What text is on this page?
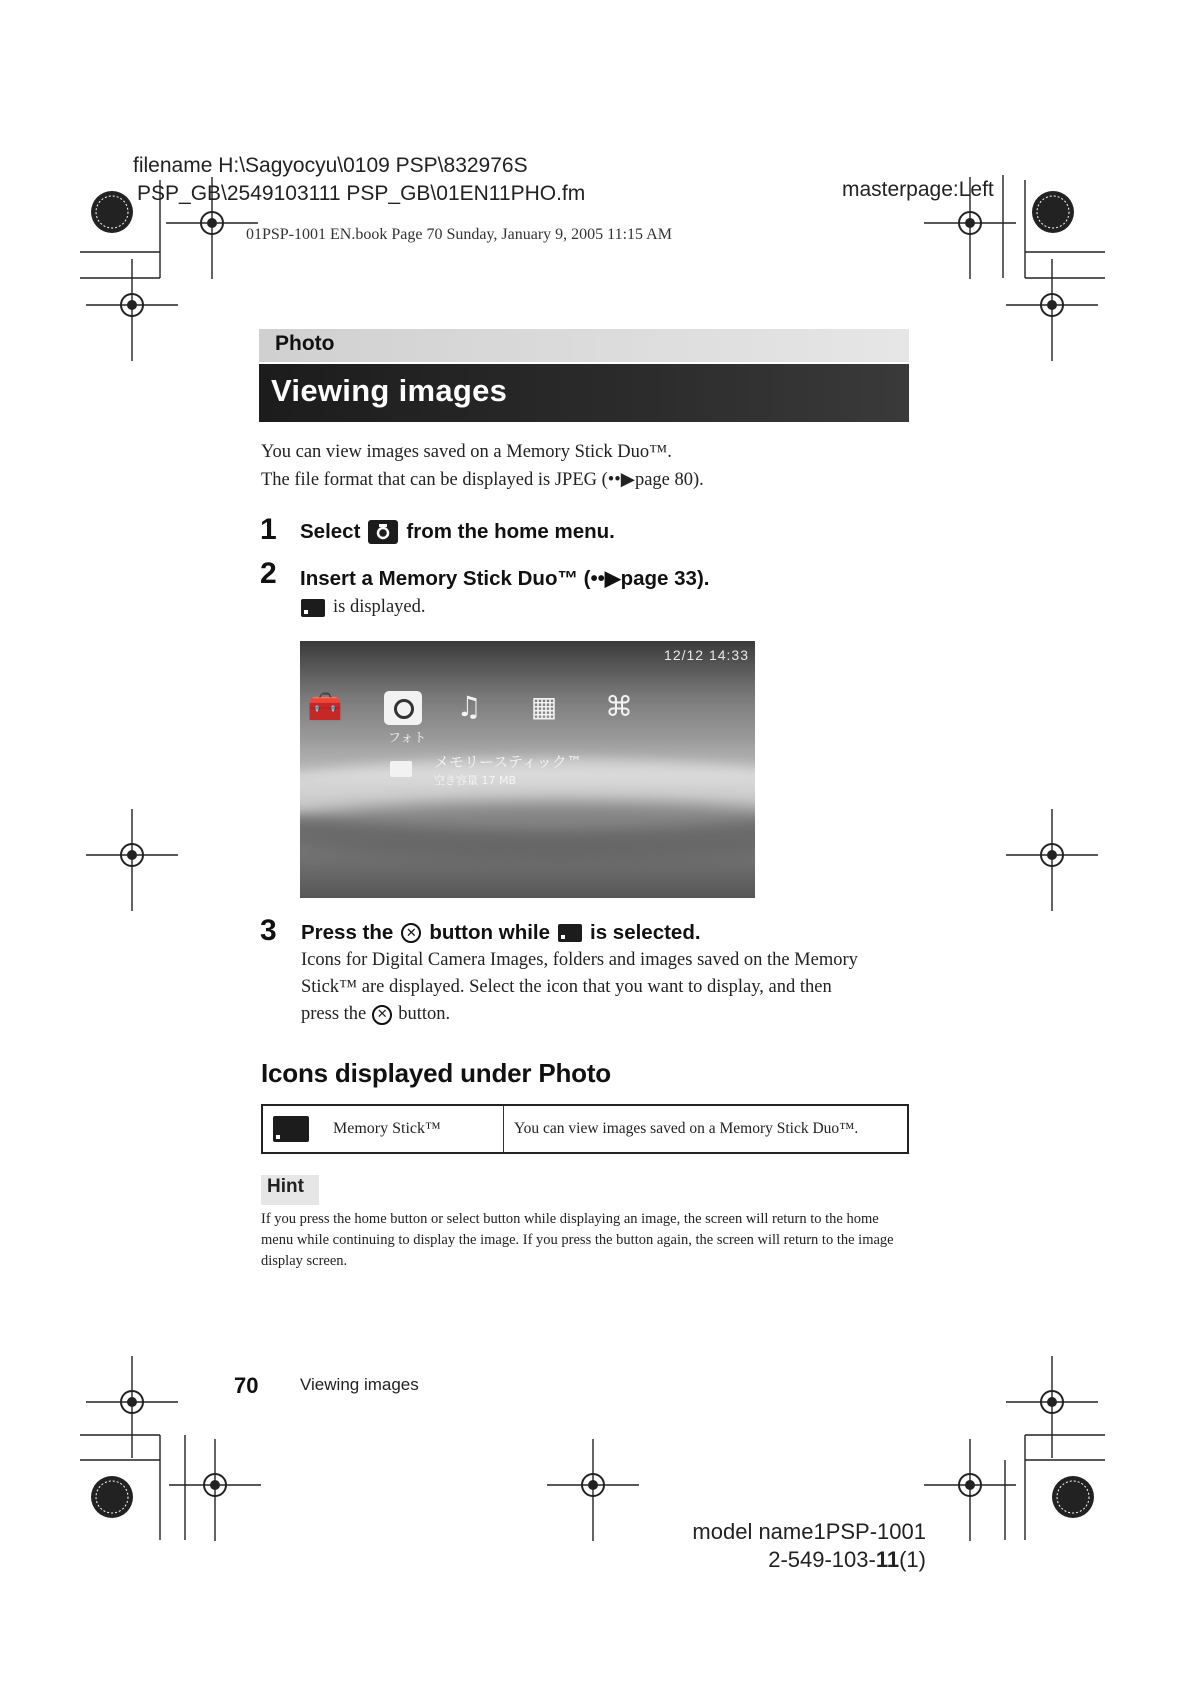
filename H:\Sagyocyu\0109 PSP\832976S
PSP_GB\2549103111 PSP_GB\01EN11PHO.fm	masterpage:Left
01PSP-1001 EN.book Page 70 Sunday, January 9, 2005 11:15 AM
Photo
Viewing images

You can view images saved on a Memory Stick Duo™.

The file format that can be displayed is JPEG (••▶page 80).

1 Select from the home menu.
2 Insert a Memory Stick Duo™ (••▶page 33).
is displayed.
12/12 14:33
🧰	♫ ▦ ⌘
フォト
メモリースティック™
空き容量 17 MB
3 Press the ✕ button while is selected.
Icons for Digital Camera Images, folders and images saved on the Memory
Stick™ are displayed. Select the icon that you want to display, and then
press the ✕ button.
Icons displayed under Photo
Memory Stick™	You can view images saved on a Memory Stick Duo™.
Hint
If you press the home button or select button while displaying an image, the screen will return to the home menu while continuing to display the image. If you press the button again, the screen will return to the image display screen.
70 Viewing images
model name1PSP-1001
2-549-103-11(1)
